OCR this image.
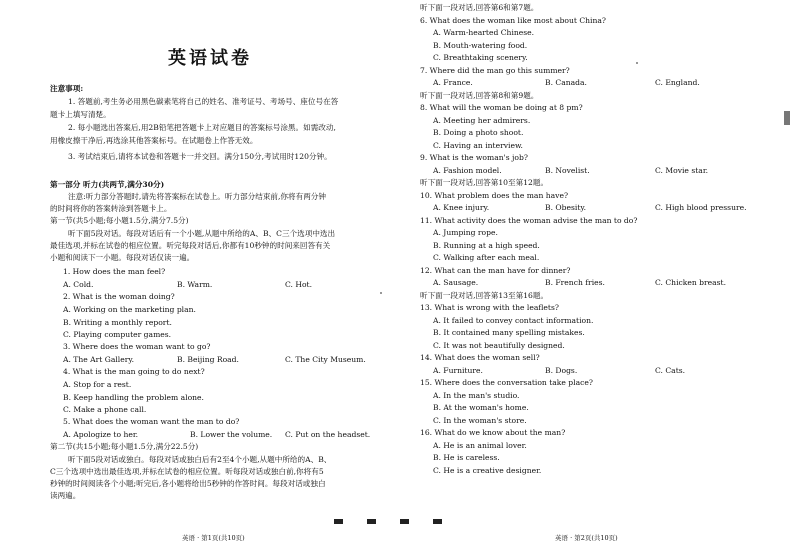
英语试卷
注意事项:
1. 答题前,考生务必用黑色碳素笔将自己的姓名、准考证号、考场号、座位号在答
题卡上填写清楚。
2. 每小题选出答案后,用2B铅笔把答题卡上对应题目的答案标号涂黑。如需改动,
用橡皮擦干净后,再选涂其他答案标号。在试题卷上作答无效。
3. 考试结束后,请将本试卷和答题卡一并交回。满分150分,考试用时120分钟。
第一部分 听力(共两节,满分30分)
注意:听力部分答题时,请先将答案标在试卷上。听力部分结束前,你将有两分钟
的时间将你的答案转涂到答题卡上。
第一节(共5小题;每小题1.5分,满分7.5分)
听下面5段对话。每段对话后有一个小题,从题中所给的A、B、C三个选项中选出
最佳选项,并标在试卷的相应位置。听完每段对话后,你都有10秒钟的时间来回答有关
小题和阅读下一小题。每段对话仅读一遍。
1. How does the man feel?
A. Cold.	B. Warm.	C. Hot.
2. What is the woman doing?
A. Working on the marketing plan.
B. Writing a monthly report.
C. Playing computer games.
3. Where does the woman want to go?
A. The Art Gallery.	B. Beijing Road.	C. The City Museum.
4. What is the man going to do next?
A. Stop for a rest.
B. Keep handling the problem alone.
C. Make a phone call.
5. What does the woman want the man to do?
A. Apologize to her.	B. Lower the volume. C. Put on the headset.
第二节(共15小题;每小题1.5分,满分22.5分)
听下面5段对话或独白。每段对话或独白后有2至4个小题,从题中所给的A、B、
C三个选项中选出最佳选项,并标在试卷的相应位置。听每段对话或独白前,你将有5
秒钟的时间阅读各个小题;听完后,各小题将给出5秒钟的作答时间。每段对话或独白
读两遍。
听下面一段对话,回答第6和第7题。
6. What does the woman like most about China?
A. Warm-hearted Chinese.
B. Mouth-watering food.
C. Breathtaking scenery.
7. Where did the man go this summer?
A. France.	B. Canada.	C. England.
听下面一段对话,回答第8和第9题。
8. What will the woman be doing at 8 pm?
A. Meeting her admirers.
B. Doing a photo shoot.
C. Having an interview.
9. What is the woman's job?
A. Fashion model.	B. Novelist.	C. Movie star.
听下面一段对话,回答第10至第12题。
10. What problem does the man have?
A. Knee injury.	B. Obesity.	C. High blood pressure.
11. What activity does the woman advise the man to do?
A. Jumping rope.
B. Running at a high speed.
C. Walking after each meal.
12. What can the man have for dinner?
A. Sausage.	B. French fries.	C. Chicken breast.
听下面一段对话,回答第13至第16题。
13. What is wrong with the leaflets?
A. It failed to convey contact information.
B. It contained many spelling mistakes.
C. It was not beautifully designed.
14. What does the woman sell?
A. Furniture.	B. Dogs.	C. Cats.
15. Where does the conversation take place?
A. In the man's studio.
B. At the woman's home.
C. In the woman's store.
16. What do we know about the man?
A. He is an animal lover.
B. He is careless.
C. He is a creative designer.
英语 · 第1页(共10页)	英语 · 第2页(共10页)
